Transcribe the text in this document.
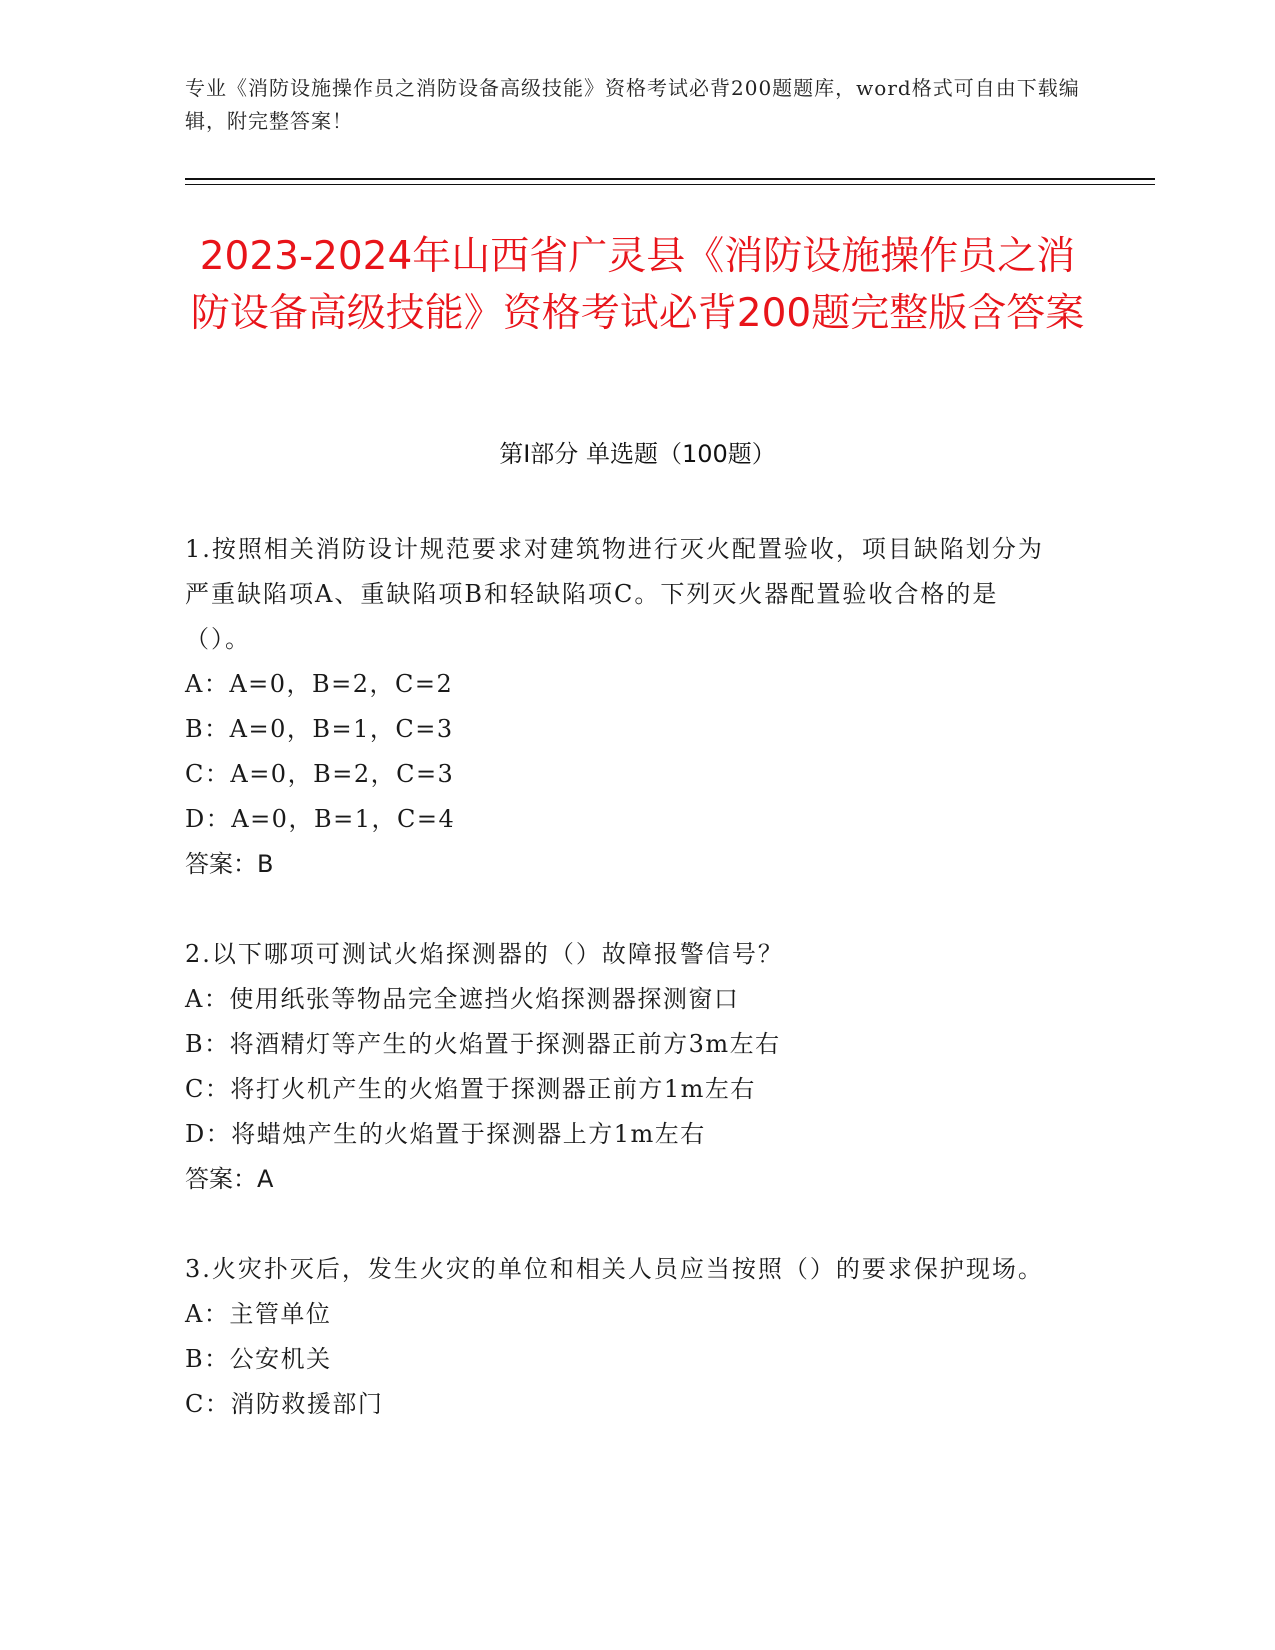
专业《消防设施操作员之消防设备高级技能》资格考试必背200题题库，word格式可自由下载编辑，附完整答案！
2023-2024年山西省广灵县《消防设施操作员之消防设备高级技能》资格考试必背200题完整版含答案
第I部分 单选题（100题）

1.按照相关消防设计规范要求对建筑物进行灭火配置验收，项目缺陷划分为严重缺陷项A、重缺陷项B和轻缺陷项C。下列灭火器配置验收合格的是（）。

A：A=0，B=2，C=2

B：A=0，B=1，C=3

C：A=0，B=2，C=3

D：A=0，B=1，C=4

答案：B

2.以下哪项可测试火焰探测器的（）故障报警信号？

A：使用纸张等物品完全遮挡火焰探测器探测窗口

B：将酒精灯等产生的火焰置于探测器正前方3m左右

C：将打火机产生的火焰置于探测器正前方1m左右

D：将蜡烛产生的火焰置于探测器上方1m左右

答案：A

3.火灾扑灭后，发生火灾的单位和相关人员应当按照（）的要求保护现场。

A：主管单位

B：公安机关

C：消防救援部门
